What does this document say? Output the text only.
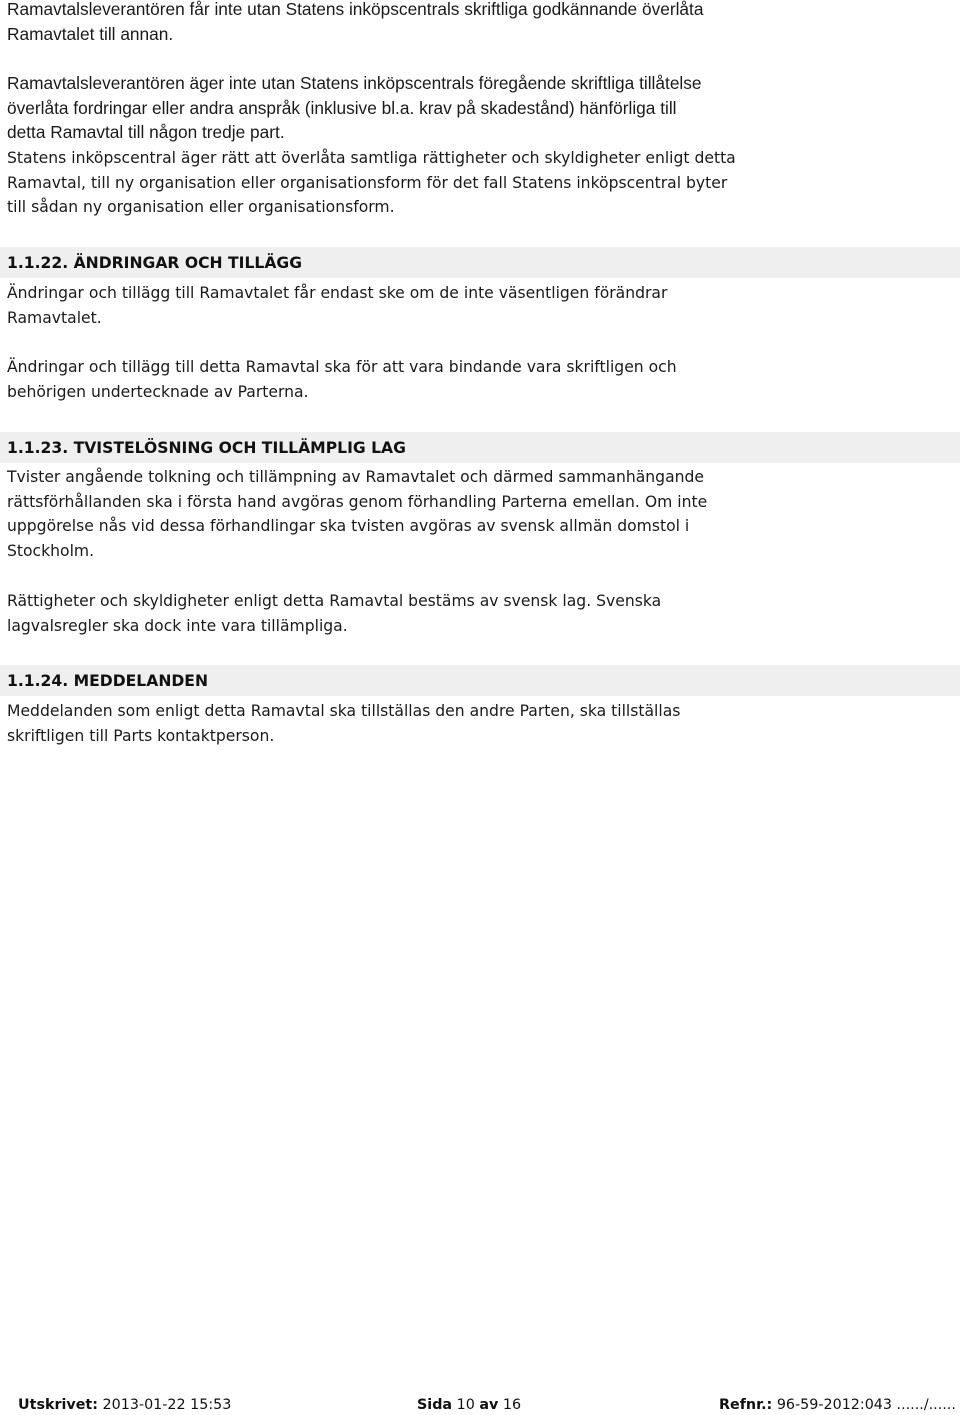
Ramavtalsleverantören får inte utan Statens inköpscentrals skriftliga godkännande överlåta
Ramavtalet till annan.

Ramavtalsleverantören äger inte utan Statens inköpscentrals föregående skriftliga tillåtelse
överlåta fordringar eller andra anspråk (inklusive bl.a. krav på skadestånd) hänförliga till
detta Ramavtal till någon tredje part.

Statens inköpscentral äger rätt att överlåta samtliga rättigheter och skyldigheter enligt detta
Ramavtal, till ny organisation eller organisationsform för det fall Statens inköpscentral byter
till sådan ny organisation eller organisationsform.

1.1.22. ÄNDRINGAR OCH TILLÄGG

Ändringar och tillägg till Ramavtalet får endast ske om de inte väsentligen förändrar
Ramavtalet.

Ändringar och tillägg till detta Ramavtal ska för att vara bindande vara skriftligen och
behörigen undertecknade av Parterna.

1.1.23. TVISTELÖSNING OCH TILLÄMPLIG LAG

Tvister angående tolkning och tillämpning av Ramavtalet och därmed sammanhängande
rättsförhållanden ska i första hand avgöras genom förhandling Parterna emellan. Om inte
uppgörelse nås vid dessa förhandlingar ska tvisten avgöras av svensk allmän domstol i
Stockholm.

Rättigheter och skyldigheter enligt detta Ramavtal bestäms av svensk lag. Svenska
lagvalsregler ska dock inte vara tillämpliga.

1.1.24. MEDDELANDEN

Meddelanden som enligt detta Ramavtal ska tillställas den andre Parten, ska tillställas
skriftligen till Parts kontaktperson.

Utskrivet: 2013-01-22 15:53	Sida 10 av 16	Refnr.: 96-59-2012:043 ....../......
